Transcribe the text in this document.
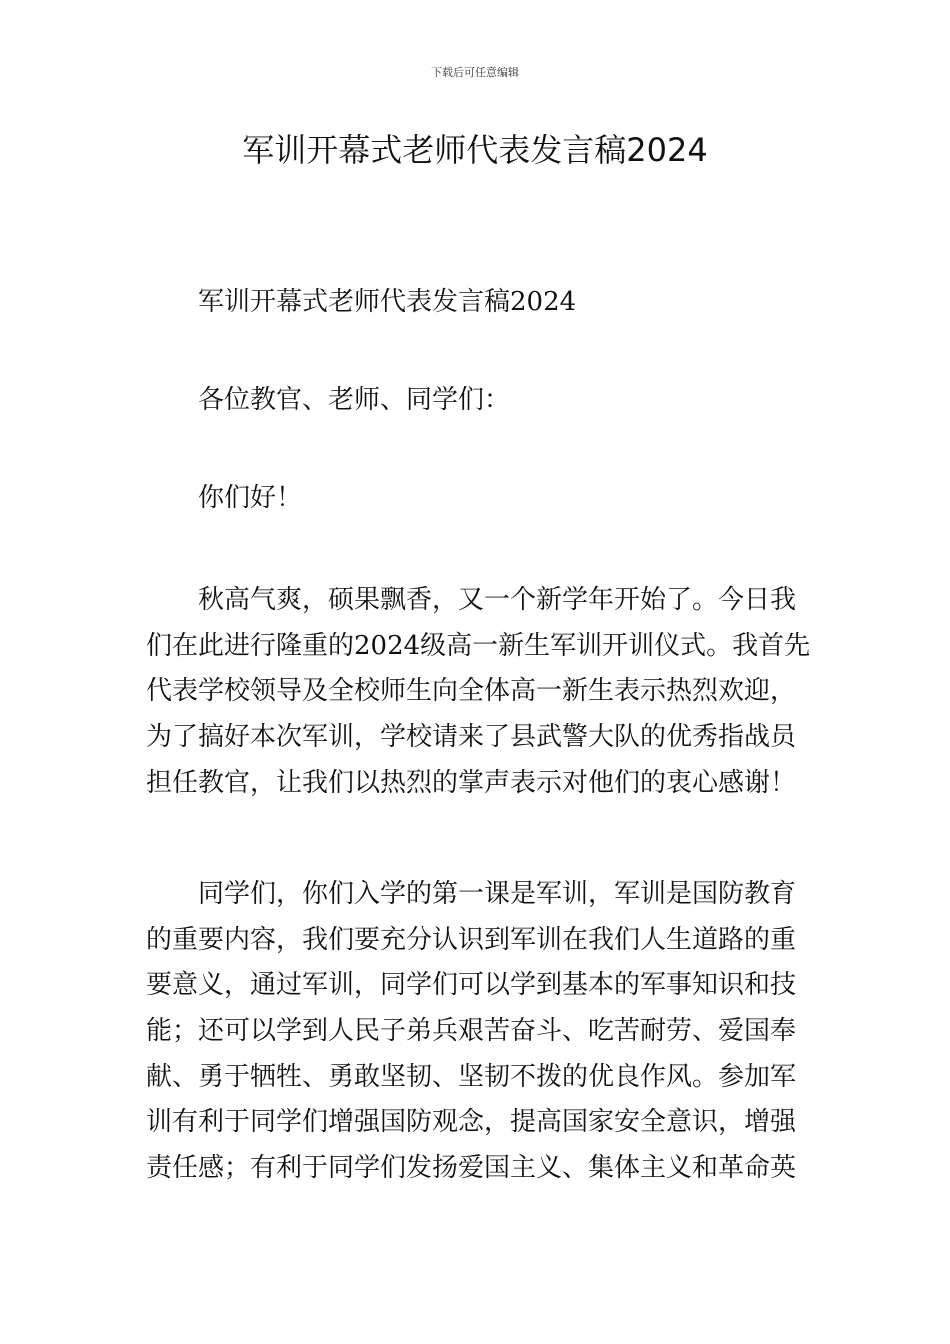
下载后可任意编辑
军训开幕式老师代表发言稿2024
军训开幕式老师代表发言稿2024
各位教官、老师、同学们：
你们好！
秋高气爽，硕果飘香，又一个新学年开始了。今日我
们在此进行隆重的2024级高一新生军训开训仪式。我首先
代表学校领导及全校师生向全体高一新生表示热烈欢迎，
为了搞好本次军训，学校请来了县武警大队的优秀指战员
担任教官，让我们以热烈的掌声表示对他们的衷心感谢！
同学们，你们入学的第一课是军训，军训是国防教育
的重要内容，我们要充分认识到军训在我们人生道路的重
要意义，通过军训，同学们可以学到基本的军事知识和技
能；还可以学到人民子弟兵艰苦奋斗、吃苦耐劳、爱国奉
献、勇于牺牲、勇敢坚韧、坚韧不拨的优良作风。参加军
训有利于同学们增强国防观念，提高国家安全意识，增强
责任感；有利于同学们发扬爱国主义、集体主义和革命英
